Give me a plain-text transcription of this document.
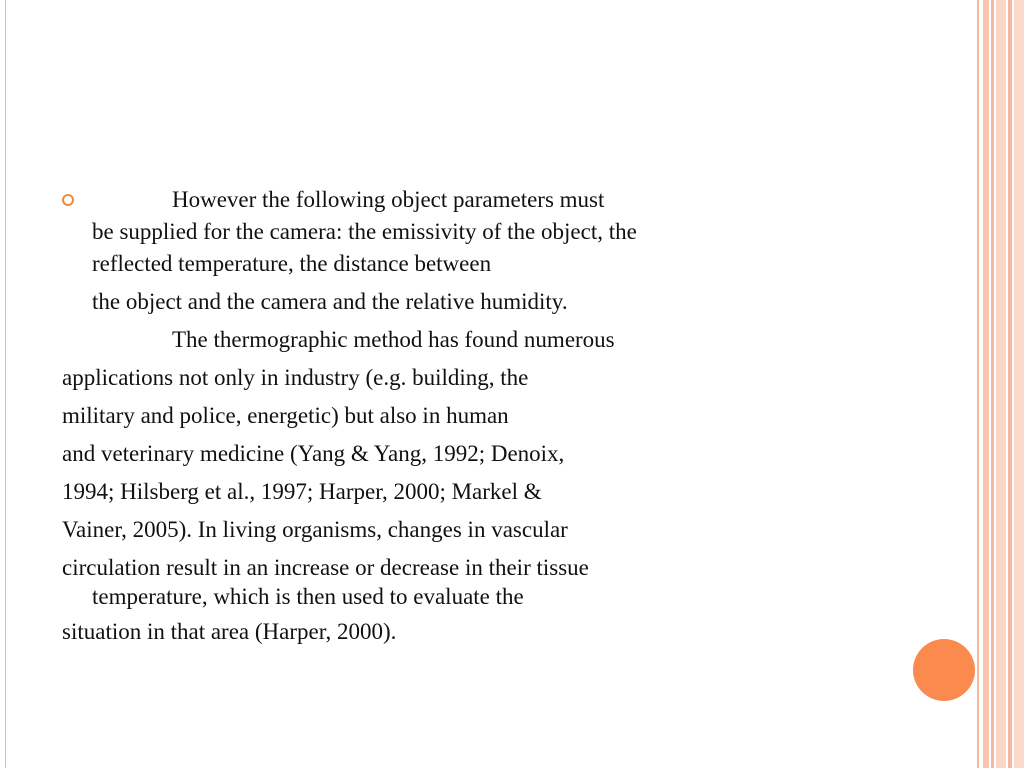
However the following object parameters must
be supplied for the camera: the emissivity of the object, the
reflected temperature, the distance between
the object and the camera and the relative humidity.
The thermographic method has found numerous
applications not only in industry (e.g. building, the
military and police, energetic) but also in human
and veterinary medicine (Yang & Yang, 1992; Denoix,
1994; Hilsberg et al., 1997; Harper, 2000; Markel &
Vainer, 2005). In living organisms, changes in vascular
circulation result in an increase or decrease in their tissue
temperature, which is then used to evaluate the
situation in that area (Harper, 2000).
